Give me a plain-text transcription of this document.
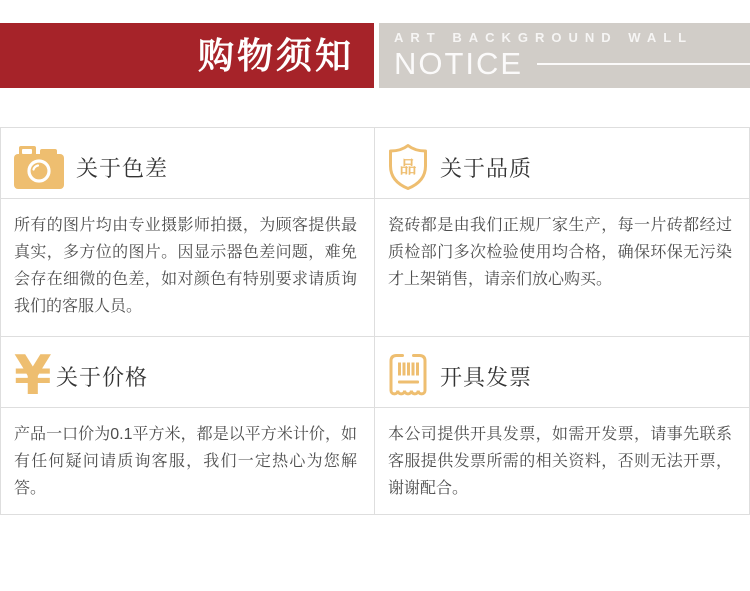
购物须知	ART BACKGROUND WALL
NOTICE
关于色差
所有的图片均由专业摄影师拍摄，为顾客提供最真实，多方位的图片。因显示器色差问题，难免会存在细微的色差，如对颜色有特别要求请质询我们的客服人员。
品 关于品质
瓷砖都是由我们正规厂家生产，每一片砖都经过质检部门多次检验使用均合格，确保环保无污染才上架销售，请亲们放心购买。
¥ 关于价格
产品一口价为0.1平方米，都是以平方米计价，如有任何疑问请质询客服，我们一定热心为您解答。
开具发票
本公司提供开具发票，如需开发票，请事先联系客服提供发票所需的相关资料，否则无法开票，谢谢配合。
